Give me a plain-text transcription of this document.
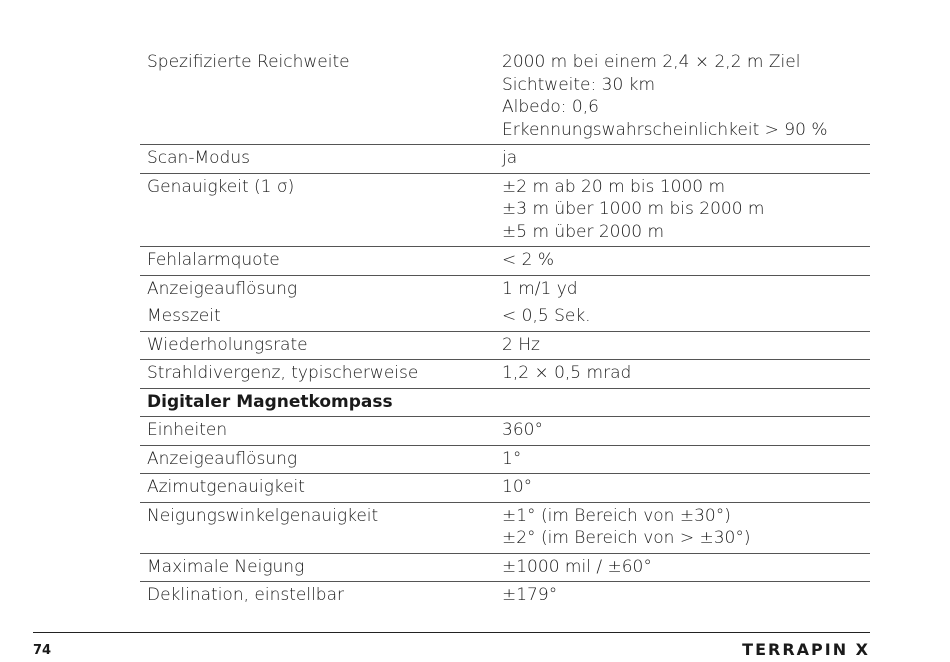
Spezifizierte Reichweite	2000 m bei einem 2,4 × 2,2 m Ziel
Sichtweite: 30 km
Albedo: 0,6
Erkennungswahrscheinlichkeit > 90 %

Scan-Modus	ja

Genauigkeit (1 σ)	±2 m ab 20 m bis 1000 m
±3 m über 1000 m bis 2000 m
±5 m über 2000 m

Fehlalarmquote	< 2 %

Anzeigeauflösung	1 m/1 yd

Messzeit	< 0,5 Sek.

Wiederholungsrate	2 Hz

Strahldivergenz, typischerweise	1,2 × 0,5 mrad

Digitaler Magnetkompass	

Einheiten	360°

Anzeigeauflösung	1°

Azimutgenauigkeit	10°

Neigungswinkelgenauigkeit	±1° (im Bereich von ±30°)
±2° (im Bereich von > ±30°)

Maximale Neigung	±1000 mil / ±60°

Deklination, einstellbar	±179°
74	TERRAPIN X
